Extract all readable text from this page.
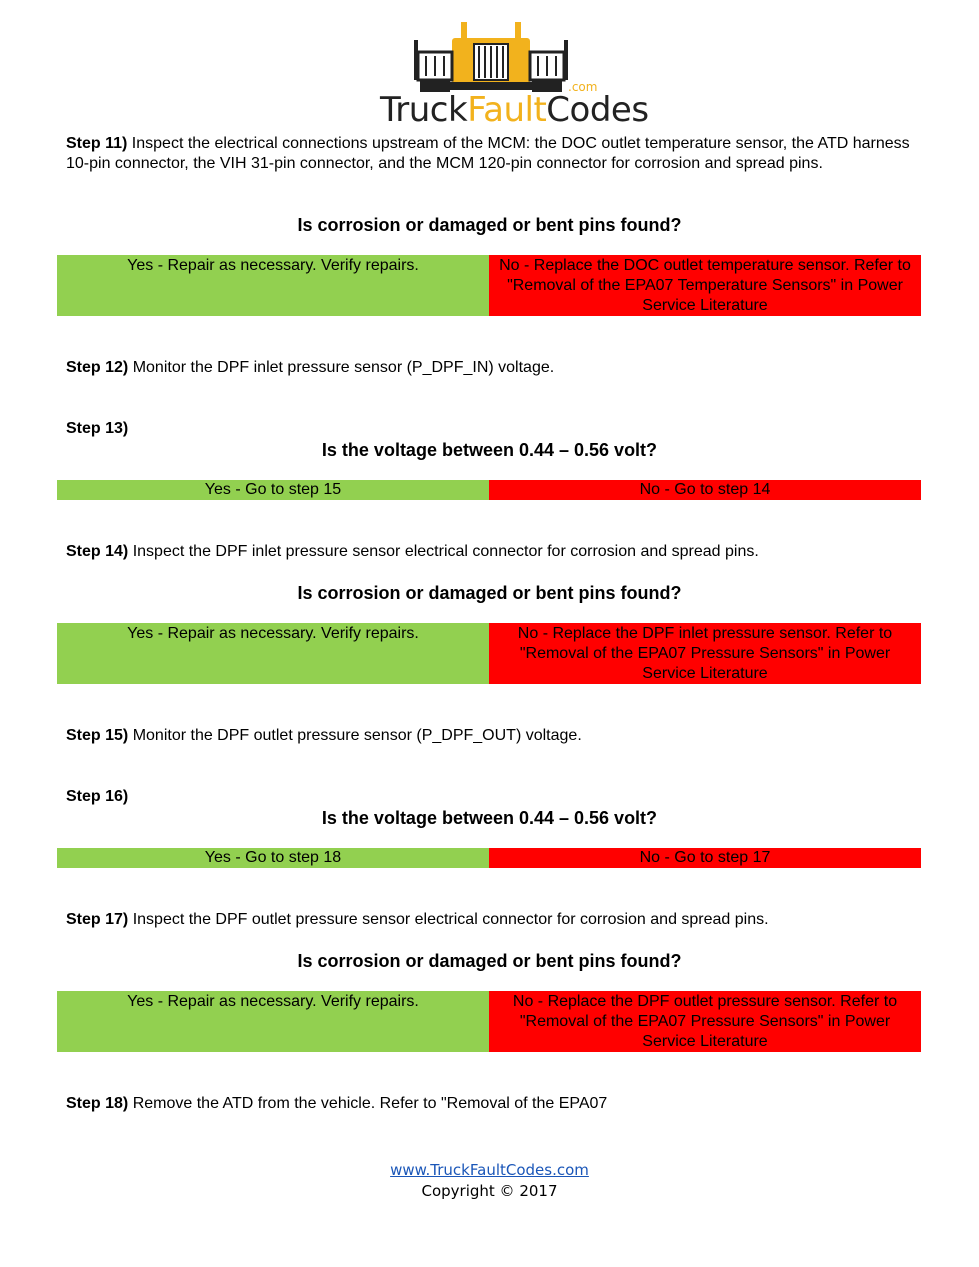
TruckFaultCodes
.com
Step 11) Inspect the electrical connections upstream of the MCM: the DOC outlet temperature sensor, the ATD harness 10-pin connector, the VIH 31-pin connector, and the MCM 120-pin connector for corrosion and spread pins.
Is corrosion or damaged or bent pins found?
Yes - Repair as necessary. Verify repairs.	No - Replace the DOC outlet temperature sensor. Refer to "Removal of the EPA07 Temperature Sensors" in Power Service Literature
Step 12) Monitor the DPF inlet pressure sensor (P_DPF_IN) voltage.
Step 13)
Is the voltage between 0.44 – 0.56 volt?
Yes - Go to step 15	No - Go to step 14
Step 14) Inspect the DPF inlet pressure sensor electrical connector for corrosion and spread pins.
Is corrosion or damaged or bent pins found?
Yes - Repair as necessary. Verify repairs.	No - Replace the DPF inlet pressure sensor. Refer to "Removal of the EPA07 Pressure Sensors" in Power Service Literature
Step 15) Monitor the DPF outlet pressure sensor (P_DPF_OUT) voltage.
Step 16)
Is the voltage between 0.44 – 0.56 volt?
Yes - Go to step 18	No - Go to step 17
Step 17) Inspect the DPF outlet pressure sensor electrical connector for corrosion and spread pins.
Is corrosion or damaged or bent pins found?
Yes - Repair as necessary. Verify repairs.	No - Replace the DPF outlet pressure sensor. Refer to "Removal of the EPA07 Pressure Sensors" in Power Service Literature
Step 18) Remove the ATD from the vehicle. Refer to "Removal of the EPA07
www.TruckFaultCodes.com
Copyright © 2017
